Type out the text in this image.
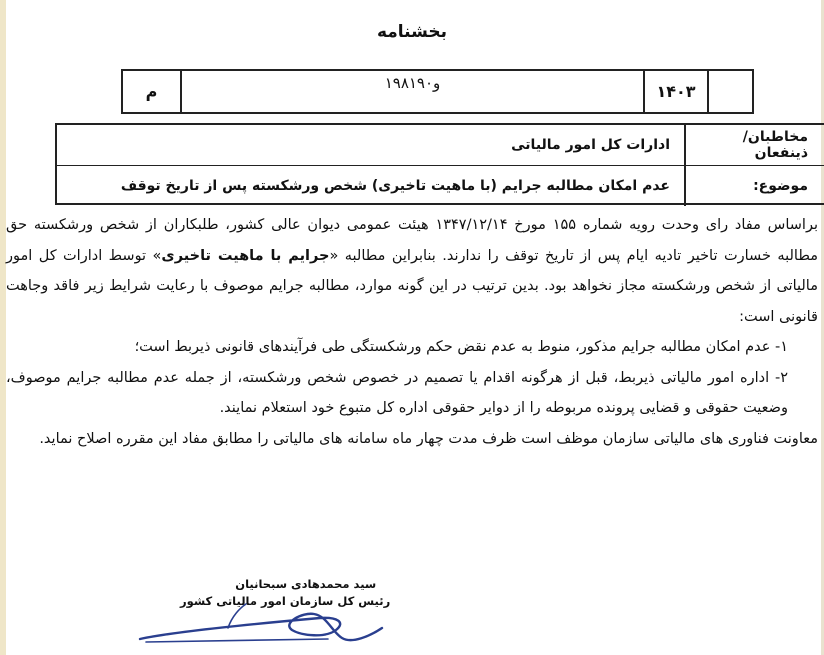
بخشنامه
م	۱۹۸و۱۹۰	۱۴۰۳
مخاطبان/ ذینفعان
ادارات کل امور مالیاتی
موضوع:
عدم امکان مطالبه جرایم (با ماهیت تاخیری) شخص ورشکسته پس از تاریخ توقف

براساس مفاد رای وحدت رویه شماره ۱۵۵ مورخ ۱۳۴۷/۱۲/۱۴ هیئت عمومی دیوان عالی کشور، طلبکاران از شخص ورشکسته حق مطالبه خسارت تاخیر تادیه ایام پس از تاریخ توقف را ندارند. بنابراین مطالبه «جرایم با ماهیت تاخیری» توسط ادارات کل امور مالیاتی از شخص ورشکسته مجاز نخواهد بود. بدین ترتیب در این گونه موارد، مطالبه جرایم موصوف با رعایت شرایط زیر فاقد وجاهت قانونی است:

۱- عدم امکان مطالبه جرایم مذکور، منوط به عدم نقض حکم ورشکستگی طی فرآیندهای قانونی ذیربط است؛

۲- اداره امور مالیاتی ذیربط، قبل از هرگونه اقدام یا تصمیم در خصوص شخص ورشکسته، از جمله عدم مطالبه جرایم موصوف، وضعیت حقوقی و قضایی پرونده مربوطه را از دوایر حقوقی اداره کل متبوع خود استعلام نمایند.

معاونت فناوری های مالیاتی سازمان موظف است ظرف مدت چهار ماه سامانه های مالیاتی را مطابق مفاد این مقرره اصلاح نماید.

سید محمدهادی سبحانیان
رئیس کل سازمان امور مالیاتی کشور
